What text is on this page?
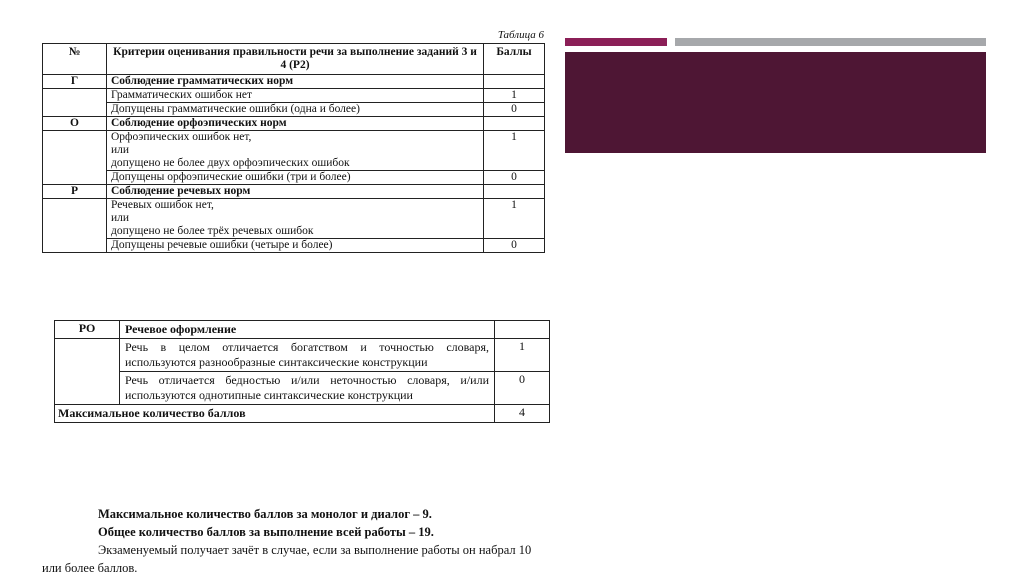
Таблица 6
№	Критерии оценивания правильности речи за выполнение заданий 3 и 4 (Р2)	Баллы
Г	Соблюдение грамматических норм	
	Грамматических ошибок нет	1
	Допущены грамматические ошибки (одна и более)	0
О	Соблюдение орфоэпических норм	

	Орфоэпических ошибок нет,
или
допущено не более двух орфоэпических ошибок	1
	Допущены орфоэпические ошибки (три и более)	0
Р	Соблюдение речевых норм	

	Речевых ошибок нет,
или
допущено не более трёх речевых ошибок	1
	Допущены речевые ошибки (четыре и более)	0
РО	Речевое оформление	
	Речь в целом отличается богатством и точностью словаря, используются разнообразные синтаксические конструкции	1
	Речь отличается бедностью и/или неточностью словаря, и/или используются однотипные синтаксические конструкции	0
Максимальное количество баллов		4

Максимальное количество баллов за монолог и диалог – 9.

Общее количество баллов за выполнение всей работы – 19.

Экзаменуемый получает зачёт в случае, если за выполнение работы он набрал 10 или более баллов.
